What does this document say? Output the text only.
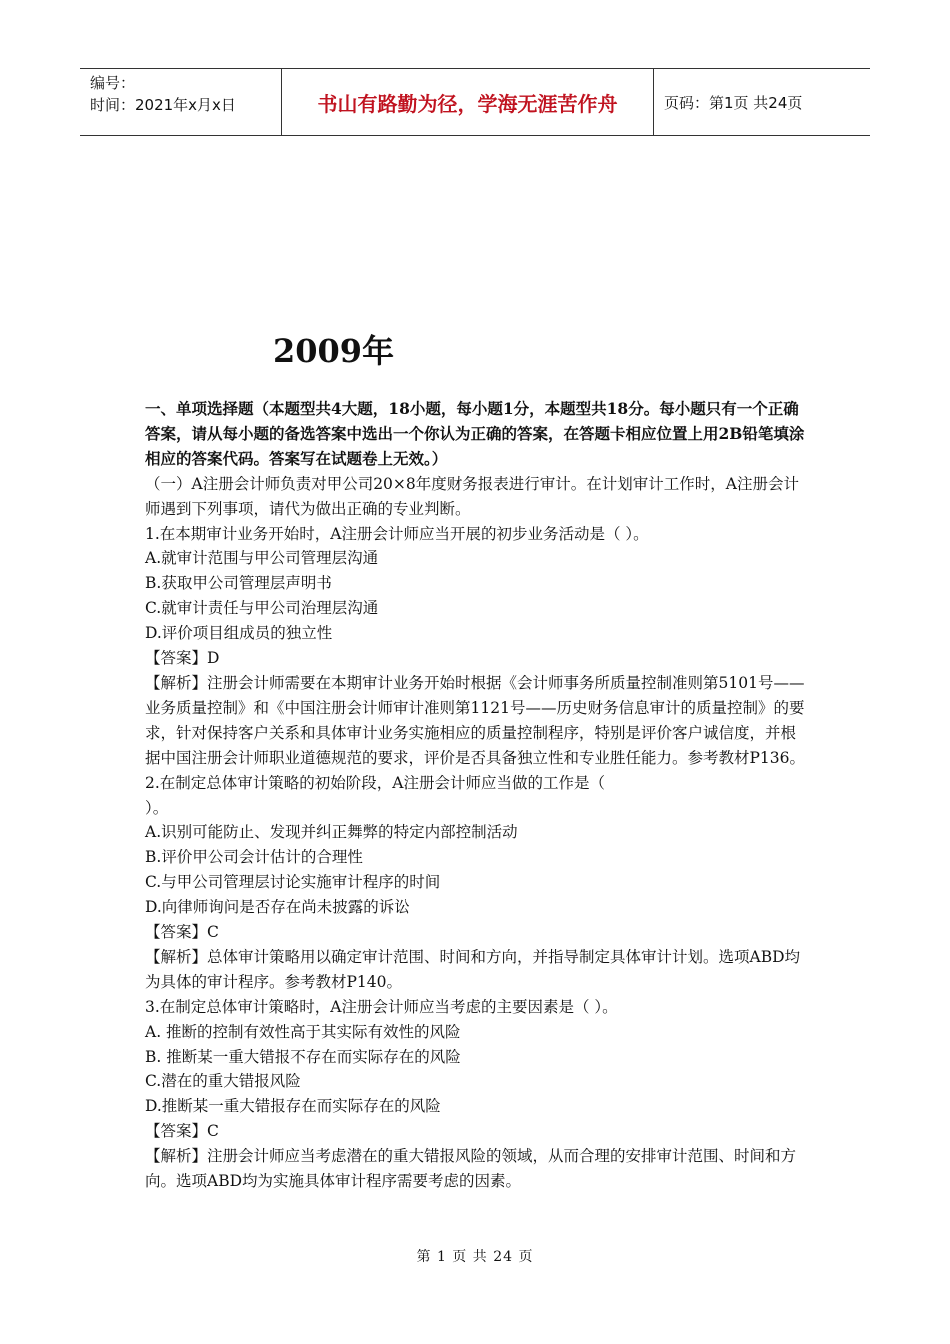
编号：
时间：2021年x月x日	书山有路勤为径，学海无涯苦作舟	页码：第1页 共24页
2009年

一、单项选择题（本题型共4大题，18小题，每小题1分，本题型共18分。每小题只有一个正确答案，请从每小题的备选答案中选出一个你认为正确的答案，在答题卡相应位置上用2B铅笔填涂相应的答案代码。答案写在试题卷上无效。）

（一）A注册会计师负责对甲公司20×8年度财务报表进行审计。在计划审计工作时，A注册会计师遇到下列事项，请代为做出正确的专业判断。

1.在本期审计业务开始时，A注册会计师应当开展的初步业务活动是（ ）。

A.就审计范围与甲公司管理层沟通

B.获取甲公司管理层声明书

C.就审计责任与甲公司治理层沟通

D.评价项目组成员的独立性

【答案】D

【解析】注册会计师需要在本期审计业务开始时根据《会计师事务所质量控制准则第5101号——业务质量控制》和《中国注册会计师审计准则第1121号——历史财务信息审计的质量控制》的要求，针对保持客户关系和具体审计业务实施相应的质量控制程序，特别是评价客户诚信度，并根据中国注册会计师职业道德规范的要求，评价是否具备独立性和专业胜任能力。参考教材P136。

2.在制定总体审计策略的初始阶段，A注册会计师应当做的工作是（

）。

A.识别可能防止、发现并纠正舞弊的特定内部控制活动

B.评价甲公司会计估计的合理性

C.与甲公司管理层讨论实施审计程序的时间

D.向律师询问是否存在尚未披露的诉讼

【答案】C

【解析】总体审计策略用以确定审计范围、时间和方向，并指导制定具体审计计划。选项ABD均为具体的审计程序。参考教材P140。

3.在制定总体审计策略时，A注册会计师应当考虑的主要因素是（ ）。

A. 推断的控制有效性高于其实际有效性的风险

B. 推断某一重大错报不存在而实际存在的风险

C.潜在的重大错报风险

D.推断某一重大错报存在而实际存在的风险

【答案】C

【解析】注册会计师应当考虑潜在的重大错报风险的领域，从而合理的安排审计范围、时间和方向。选项ABD均为实施具体审计程序需要考虑的因素。

第 1 页 共 24 页
